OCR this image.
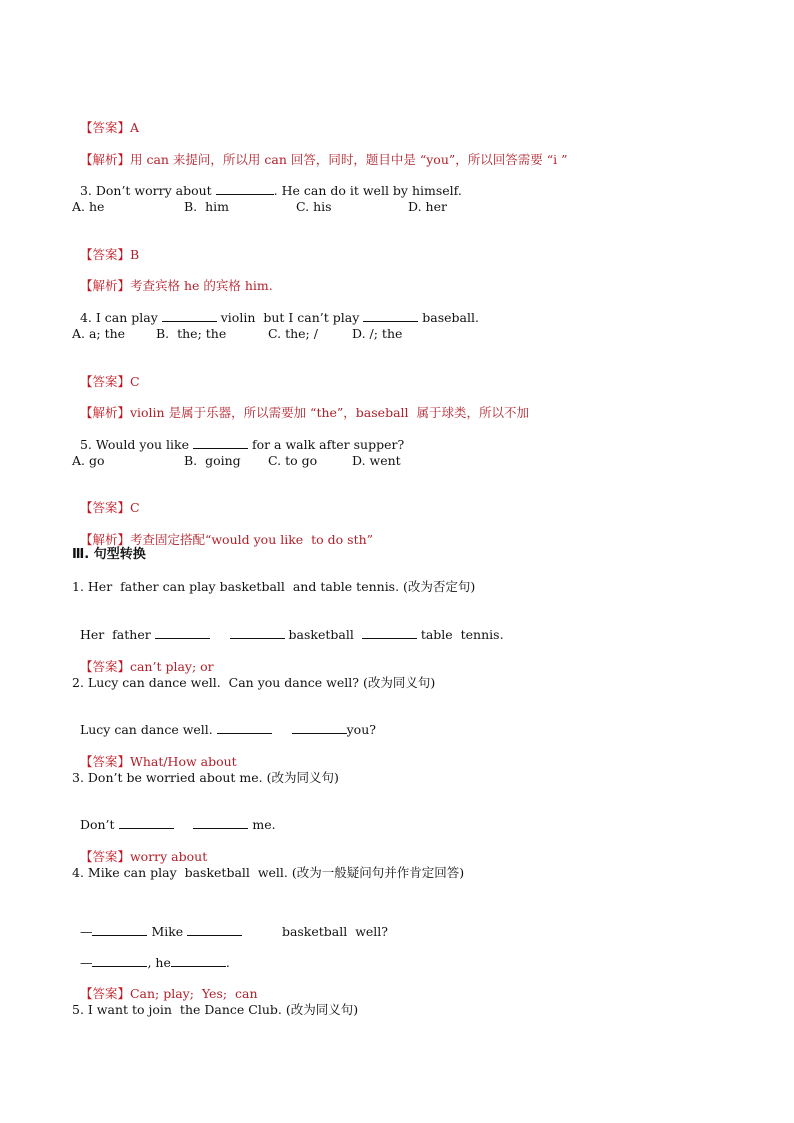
【答案】A

【解析】用 can 来提问，所以用 can 回答，同时，题目中是 “you”，所以回答需要 “i ”

3. Don’t worry about	. He can do it well by himself.

A. he	B.  him	C. his	D. her

【答案】B

【解析】考查宾格 he 的宾格 him.

4. I can play	violin  but I can’t play	baseball.

A. a; the B.  the; the	C. the; /	D. /; the

【答案】C

【解析】violin 是属于乐器，所以需要加 “the”，baseball  属于球类，所以不加

5. Would you like	for a walk after supper?

A. go	B.  going C. to go	D. went

【答案】C

【解析】考查固定搭配“would you like  to do sth”

Ⅲ. 句型转换
1. Her  father can play basketball  and table tennis. (改为否定句)

Her  father	basketball	table  tennis.

【答案】can’t play; or

2. Lucy can dance well.  Can you dance well? (改为同义句)

Lucy can dance well.	you?

【答案】What/How about

3. Don’t be worried about me. (改为同义句)

Don’t	me.

【答案】worry about

4. Mike can play  basketball  well. (改为一般疑问句并作肯定回答)

—	Mike	basketball  well?

—	, he	.

【答案】Can; play;  Yes;  can

5. I want to join  the Dance Club. (改为同义句)
